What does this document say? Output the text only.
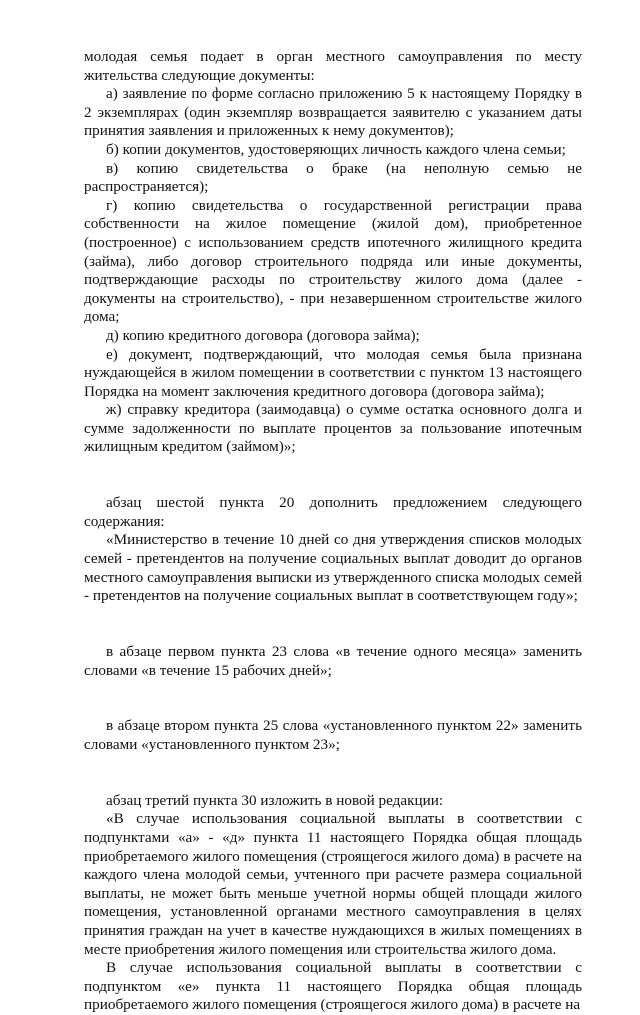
молодая семья подает в орган местного самоуправления по месту жительства следующие документы:

а) заявление по форме согласно приложению 5 к настоящему Порядку в 2 экземплярах (один экземпляр возвращается заявителю с указанием даты принятия заявления и приложенных к нему документов);

б) копии документов, удостоверяющих личность каждого члена семьи;

в) копию свидетельства о браке (на неполную семью не распространяется);

г) копию свидетельства о государственной регистрации права собственности на жилое помещение (жилой дом), приобретенное (построенное) с использованием средств ипотечного жилищного кредита (займа), либо договор строительного подряда или иные документы, подтверждающие расходы по строительству жилого дома (далее - документы на строительство), - при незавершенном строительстве жилого дома;

д) копию кредитного договора (договора займа);

е) документ, подтверждающий, что молодая семья была признана нуждающейся в жилом помещении в соответствии с пунктом 13 настоящего Порядка на момент заключения кредитного договора (договора займа);

ж) справку кредитора (заимодавца) о сумме остатка основного долга и сумме задолженности по выплате процентов за пользование ипотечным жилищным кредитом (займом)»;

абзац шестой пункта 20 дополнить предложением следующего содержания:

«Министерство в течение 10 дней со дня утверждения списков молодых семей - претендентов на получение социальных выплат доводит до органов местного самоуправления выписки из утвержденного списка молодых семей - претендентов на получение социальных выплат в соответствующем году»;

в абзаце первом пункта 23 слова «в течение одного месяца» заменить словами «в течение 15 рабочих дней»;

в абзаце втором пункта 25 слова «установленного пунктом 22» заменить словами «установленного пунктом 23»;

абзац третий пункта 30 изложить в новой редакции:

«В случае использования социальной выплаты в соответствии с подпунктами «а» - «д» пункта 11 настоящего Порядка общая площадь приобретаемого жилого помещения (строящегося жилого дома) в расчете на каждого члена молодой семьи, учтенного при расчете размера социальной выплаты, не может быть меньше учетной нормы общей площади жилого помещения, установленной органами местного самоуправления в целях принятия граждан на учет в качестве нуждающихся в жилых помещениях в месте приобретения жилого помещения или строительства жилого дома.

В случае использования социальной выплаты в соответствии с подпунктом «е» пункта 11 настоящего Порядка общая площадь приобретаемого жилого помещения (строящегося жилого дома) в расчете на
